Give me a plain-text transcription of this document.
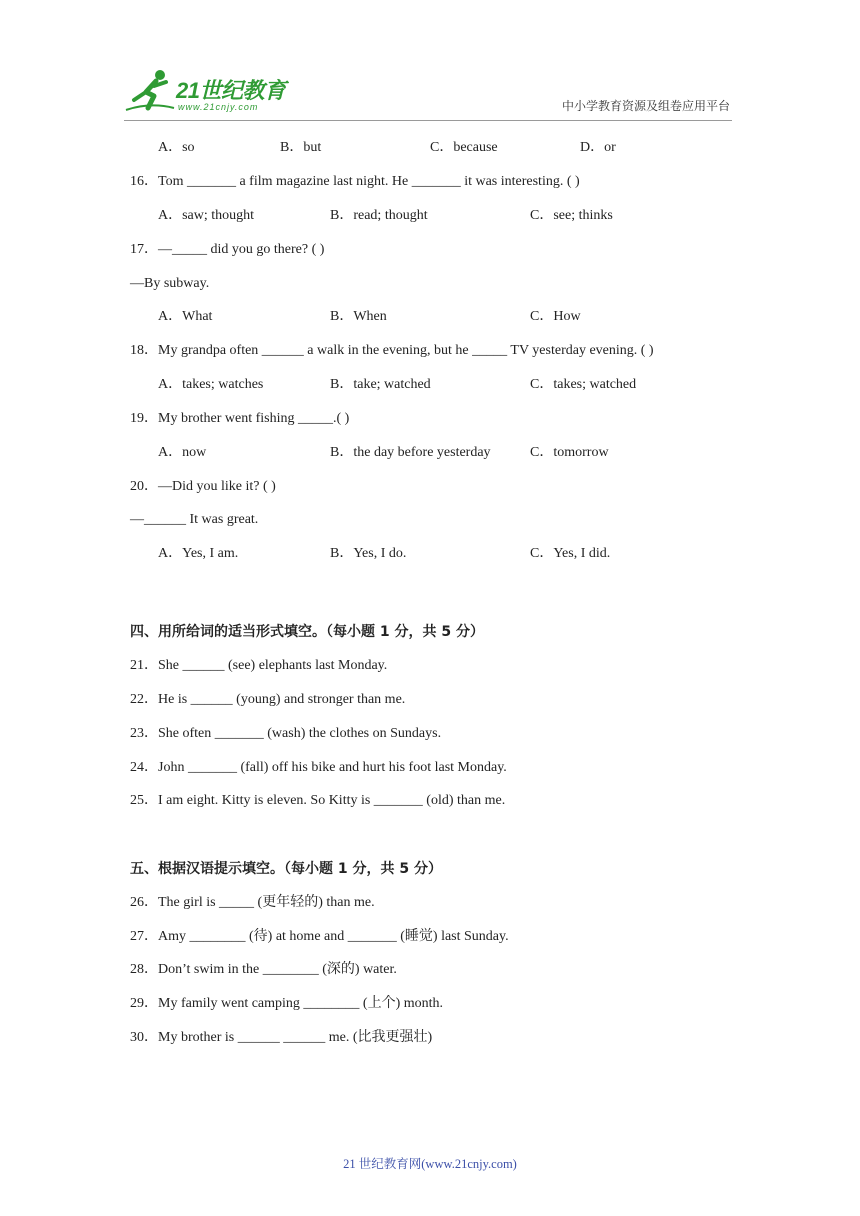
21世纪教育
www.21cnjy.com	中小学教育资源及组卷应用平台
A．so	B．but	C．because	D．or
16．Tom _______ a film magazine last night. He _______ it was interesting. ( )
A．saw; thought	B．read; thought	C．see; thinks
17．—_____ did you go there? ( )
—By subway.
A．What	B．When	C．How
18．My grandpa often ______ a walk in the evening, but he _____ TV yesterday evening. ( )
A．takes; watches	B．take; watched	C．takes; watched
19．My brother went fishing _____.( )
A．now	B．the day before yesterday	C．tomorrow
20．—Did you like it? ( )
—______ It was great.
A．Yes, I am.	B．Yes, I do.	C．Yes, I did.
四、用所给词的适当形式填空。（每小题 1 分，共 5 分）
21．She ______ (see) elephants last Monday.
22．He is ______ (young) and stronger than me.
23．She often _______ (wash) the clothes on Sundays.
24．John _______ (fall) off his bike and hurt his foot last Monday.
25．I am eight. Kitty is eleven. So Kitty is _______ (old) than me.
五、根据汉语提示填空。（每小题 1 分，共 5 分）
26．The girl is _____ (更年轻的) than me.
27．Amy ________ (待) at home and _______ (睡觉) last Sunday.
28．Don’t swim in the ________ (深的) water.
29．My family went camping ________ (上个) month.
30．My brother is ______ ______ me. (比我更强壮)
21 世纪教育网(www.21cnjy.com)
